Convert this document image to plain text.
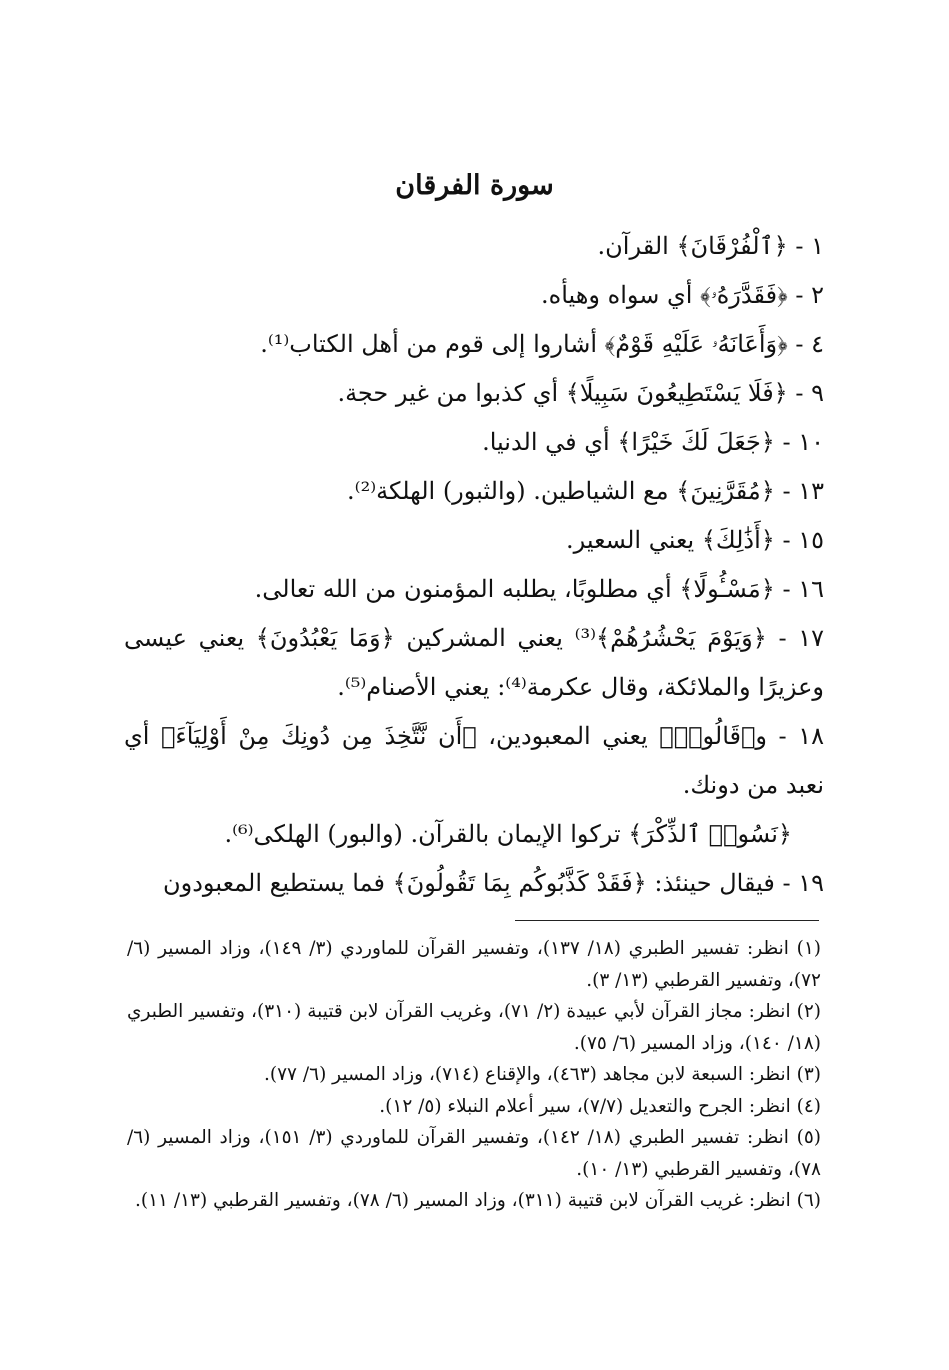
سورة الفرقان

١ - ﴿ٱلْفُرْقَانَ﴾ القرآن.

٢ - ﴿فَقَدَّرَهُۥ﴾ أي سواه وهيأه.

٤ - ﴿وَأَعَانَهُۥ عَلَيْهِ قَوْمٌ﴾ أشاروا إلى قوم من أهل الكتاب⁽¹⁾.

٩ - ﴿فَلَا يَسْتَطِيعُونَ سَبِيلًا﴾ أي كذبوا من غير حجة.

١٠ - ﴿جَعَلَ لَكَ خَيْرًا﴾ أي في الدنيا.

١٣ - ﴿مُقَرَّنِينَ﴾ مع الشياطين. (والثبور) الهلكة⁽²⁾.

١٥ - ﴿أَذَٰلِكَ﴾ يعني السعير.

١٦ - ﴿مَسْـُٔولًا﴾ أي مطلوبًا، يطلبه المؤمنون من الله تعالى.

١٧ - ﴿وَيَوْمَ يَحْشُرُهُمْ﴾⁽³⁾ يعني المشركين ﴿وَمَا يَعْبُدُونَ﴾ يعني عيسى وعزيرًا والملائكة، وقال عكرمة⁽⁴⁾: يعني الأصنام⁽⁵⁾.

١٨ - و﴿قَالُوا۟﴾ يعني المعبودين، ﴿أَن نَّتَّخِذَ مِن دُونِكَ مِنْ أَوْلِيَآءَ﴾ أي نعبد من دونك.

﴿نَسُوا۟ ٱلذِّكْرَ﴾ تركوا الإيمان بالقرآن. (والبور) الهلكى⁽⁶⁾.

١٩ - فيقال حينئذ: ﴿فَقَدْ كَذَّبُوكُم بِمَا تَقُولُونَ﴾ فما يستطيع المعبودون

(١) انظر: تفسير الطبري (١٨/ ١٣٧)، وتفسير القرآن للماوردي (٣/ ١٤٩)، وزاد المسير (٦/ ٧٢)، وتفسير القرطبي (١٣/ ٣).

(٢) انظر: مجاز القرآن لأبي عبيدة (٢/ ٧١)، وغريب القرآن لابن قتيبة (٣١٠)، وتفسير الطبري (١٨/ ١٤٠)، وزاد المسير (٦/ ٧٥).

(٣) انظر: السبعة لابن مجاهد (٤٦٣)، والإقناع (٧١٤)، وزاد المسير (٦/ ٧٧).

(٤) انظر: الجرح والتعديل (٧/٧)، سير أعلام النبلاء (٥/ ١٢).

(٥) انظر: تفسير الطبري (١٨/ ١٤٢)، وتفسير القرآن للماوردي (٣/ ١٥١)، وزاد المسير (٦/ ٧٨)، وتفسير القرطبي (١٣/ ١٠).

(٦) انظر: غريب القرآن لابن قتيبة (٣١١)، وزاد المسير (٦/ ٧٨)، وتفسير القرطبي (١٣/ ١١).
